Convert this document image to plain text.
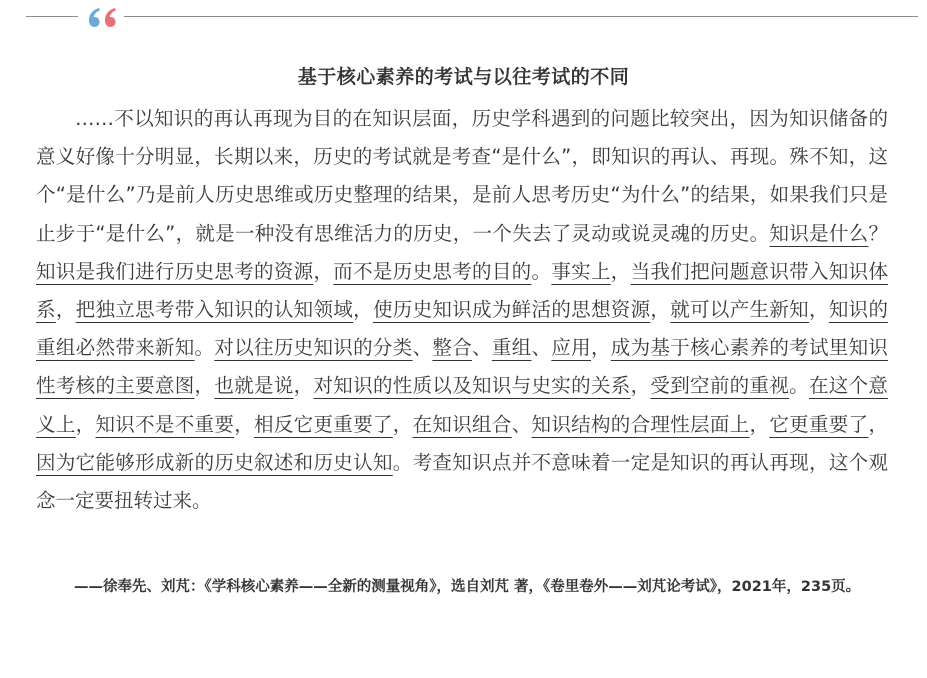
基于核心素养的考试与以往考试的不同

……不以知识的再认再现为目的在知识层面，历史学科遇到的问题比较突出，因为知识储备的意义好像十分明显，长期以来，历史的考试就是考查“是什么”，即知识的再认、再现。殊不知，这个“是什么”乃是前人历史思维或历史整理的结果，是前人思考历史“为什么”的结果，如果我们只是止步于“是什么”，就是一种没有思维活力的历史，一个失去了灵动或说灵魂的历史。知识是什么？知识是我们进行历史思考的资源，而不是历史思考的目的。事实上，当我们把问题意识带入知识体系，把独立思考带入知识的认知领域，使历史知识成为鲜活的思想资源，就可以产生新知，知识的重组必然带来新知。对以往历史知识的分类、整合、重组、应用，成为基于核心素养的考试里知识性考核的主要意图，也就是说，对知识的性质以及知识与史实的关系，受到空前的重视。在这个意义上，知识不是不重要，相反它更重要了，在知识组合、知识结构的合理性层面上，它更重要了，因为它能够形成新的历史叙述和历史认知。考查知识点并不意味着一定是知识的再认再现，这个观念一定要扭转过来。

——徐奉先、刘芃：《学科核心素养——全新的测量视角》，选自刘芃 著，《卷里卷外——刘芃论考试》，2021年，235页。
